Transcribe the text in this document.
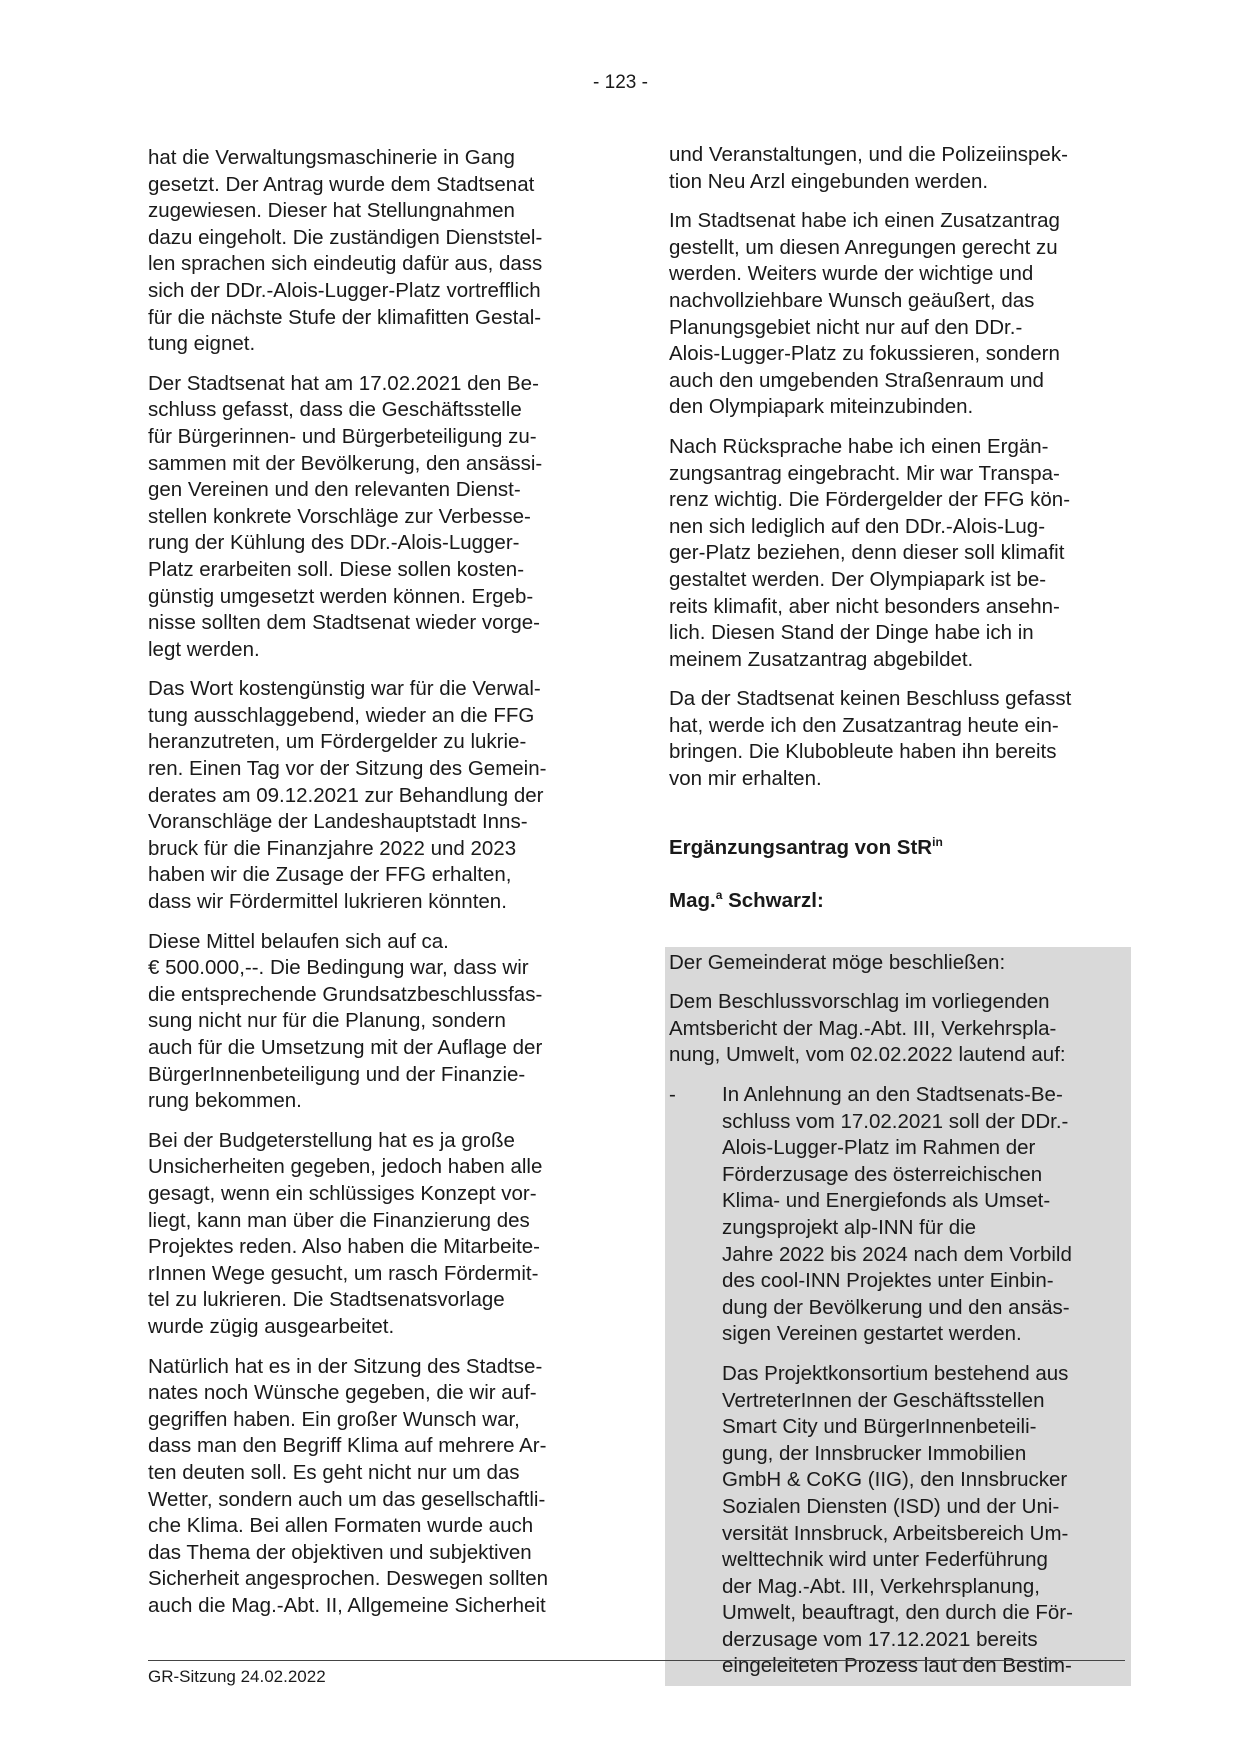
- 123 -

hat die Verwaltungsmaschinerie in Gang
gesetzt. Der Antrag wurde dem Stadtsenat
zugewiesen. Dieser hat Stellungnahmen
dazu eingeholt. Die zuständigen Dienststel-
len sprachen sich eindeutig dafür aus, dass
sich der DDr.-Alois-Lugger-Platz vortrefflich
für die nächste Stufe der klimafitten Gestal-
tung eignet.

Der Stadtsenat hat am 17.02.2021 den Be-
schluss gefasst, dass die Geschäftsstelle
für Bürgerinnen- und Bürgerbeteiligung zu-
sammen mit der Bevölkerung, den ansässi-
gen Vereinen und den relevanten Dienst-
stellen konkrete Vorschläge zur Verbesse-
rung der Kühlung des DDr.-Alois-Lugger-
Platz erarbeiten soll. Diese sollen kosten-
günstig umgesetzt werden können. Ergeb-
nisse sollten dem Stadtsenat wieder vorge-
legt werden.

Das Wort kostengünstig war für die Verwal-
tung ausschlaggebend, wieder an die FFG
heranzutreten, um Fördergelder zu lukrie-
ren. Einen Tag vor der Sitzung des Gemein-
derates am 09.12.2021 zur Behandlung der
Voranschläge der Landeshauptstadt Inns-
bruck für die Finanzjahre 2022 und 2023
haben wir die Zusage der FFG erhalten,
dass wir Fördermittel lukrieren könnten.

Diese Mittel belaufen sich auf ca.
€ 500.000,--. Die Bedingung war, dass wir
die entsprechende Grundsatzbeschlussfas-
sung nicht nur für die Planung, sondern
auch für die Umsetzung mit der Auflage der
BürgerInnenbeteiligung und der Finanzie-
rung bekommen.

Bei der Budgeterstellung hat es ja große
Unsicherheiten gegeben, jedoch haben alle
gesagt, wenn ein schlüssiges Konzept vor-
liegt, kann man über die Finanzierung des
Projektes reden. Also haben die Mitarbeite-
rInnen Wege gesucht, um rasch Fördermit-
tel zu lukrieren. Die Stadtsenatsvorlage
wurde zügig ausgearbeitet.

Natürlich hat es in der Sitzung des Stadtse-
nates noch Wünsche gegeben, die wir auf-
gegriffen haben. Ein großer Wunsch war,
dass man den Begriff Klima auf mehrere Ar-
ten deuten soll. Es geht nicht nur um das
Wetter, sondern auch um das gesellschaftli-
che Klima. Bei allen Formaten wurde auch
das Thema der objektiven und subjektiven
Sicherheit angesprochen. Deswegen sollten
auch die Mag.-Abt. II, Allgemeine Sicherheit

und Veranstaltungen, und die Polizeiinspek-
tion Neu Arzl eingebunden werden.

Im Stadtsenat habe ich einen Zusatzantrag
gestellt, um diesen Anregungen gerecht zu
werden. Weiters wurde der wichtige und
nachvollziehbare Wunsch geäußert, das
Planungsgebiet nicht nur auf den DDr.-
Alois-Lugger-Platz zu fokussieren, sondern
auch den umgebenden Straßenraum und
den Olympiapark miteinzubinden.

Nach Rücksprache habe ich einen Ergän-
zungsantrag eingebracht. Mir war Transpa-
renz wichtig. Die Fördergelder der FFG kön-
nen sich lediglich auf den DDr.-Alois-Lug-
ger-Platz beziehen, denn dieser soll klimafit
gestaltet werden. Der Olympiapark ist be-
reits klimafit, aber nicht besonders ansehn-
lich. Diesen Stand der Dinge habe ich in
meinem Zusatzantrag abgebildet.

Da der Stadtsenat keinen Beschluss gefasst
hat, werde ich den Zusatzantrag heute ein-
bringen. Die Klubobleute haben ihn bereits
von mir erhalten.

Ergänzungsantrag von StR$^{in}$

Mag.$^a$ Schwarzl:

Der Gemeinderat möge beschließen:

Dem Beschlussvorschlag im vorliegenden
Amtsbericht der Mag.-Abt. III, Verkehrspla-
nung, Umwelt, vom 02.02.2022 lautend auf:

-	In Anlehnung an den Stadtsenats-Be-
schluss vom 17.02.2021 soll der DDr.-
Alois-Lugger-Platz im Rahmen der
Förderzusage des österreichischen
Klima- und Energiefonds als Umset-
zungsprojekt alp-INN für die
Jahre 2022 bis 2024 nach dem Vorbild
des cool-INN Projektes unter Einbin-
dung der Bevölkerung und den ansäs-
sigen Vereinen gestartet werden.

Das Projektkonsortium bestehend aus
VertreterInnen der Geschäftsstellen
Smart City und BürgerInnenbeteili-
gung, der Innsbrucker Immobilien
GmbH & CoKG (IIG), den Innsbrucker
Sozialen Diensten (ISD) und der Uni-
versität Innsbruck, Arbeitsbereich Um-
welttechnik wird unter Federführung
der Mag.-Abt. III, Verkehrsplanung,
Umwelt, beauftragt, den durch die För-
derzusage vom 17.12.2021 bereits
eingeleiteten Prozess laut den Bestim-

GR-Sitzung 24.02.2022
